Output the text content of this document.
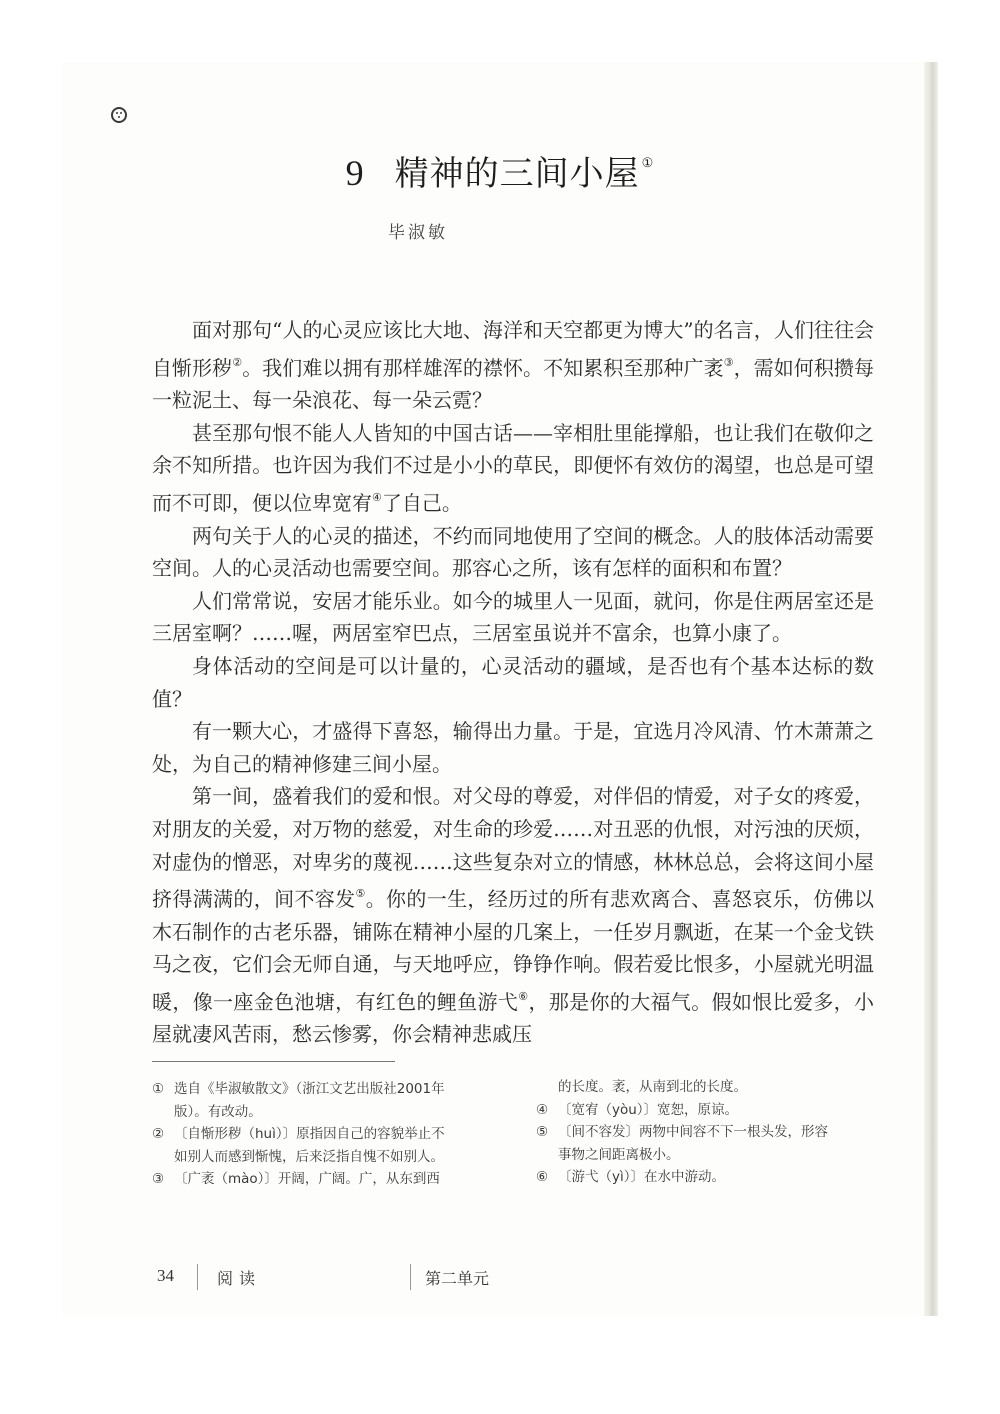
9 精神的三间小屋 ①
毕淑敏

面对那句“人的心灵应该比大地、海洋和天空都更为博大”的名言，人们往往会自惭形秽②。我们难以拥有那样雄浑的襟怀。不知累积至那种广袤③，需如何积攒每一粒泥土、每一朵浪花、每一朵云霓？

甚至那句恨不能人人皆知的中国古话——宰相肚里能撑船，也让我们在敬仰之余不知所措。也许因为我们不过是小小的草民，即便怀有效仿的渴望，也总是可望而不可即，便以位卑宽宥④了自己。

两句关于人的心灵的描述，不约而同地使用了空间的概念。人的肢体活动需要空间。人的心灵活动也需要空间。那容心之所，该有怎样的面积和布置？

人们常常说，安居才能乐业。如今的城里人一见面，就问，你是住两居室还是三居室啊？……喔，两居室窄巴点，三居室虽说并不富余，也算小康了。

身体活动的空间是可以计量的，心灵活动的疆域，是否也有个基本达标的数值？

有一颗大心，才盛得下喜怒，输得出力量。于是，宜选月冷风清、竹木萧萧之处，为自己的精神修建三间小屋。

第一间，盛着我们的爱和恨。对父母的尊爱，对伴侣的情爱，对子女的疼爱，对朋友的关爱，对万物的慈爱，对生命的珍爱……对丑恶的仇恨，对污浊的厌烦，对虚伪的憎恶，对卑劣的蔑视……这些复杂对立的情感，林林总总，会将这间小屋挤得满满的，间不容发⑤。你的一生，经历过的所有悲欢离合、喜怒哀乐，仿佛以木石制作的古老乐器，铺陈在精神小屋的几案上，一任岁月飘逝，在某一个金戈铁马之夜，它们会无师自通，与天地呼应，铮铮作响。假若爱比恨多，小屋就光明温暖，像一座金色池塘，有红色的鲤鱼游弋⑥，那是你的大福气。假如恨比爱多，小屋就凄风苦雨，愁云惨雾，你会精神悲戚压

① 选自《毕淑敏散文》（浙江文艺出版社2001年
版）。有改动。
② 〔自惭形秽（huì）〕原指因自己的容貌举止不
如别人而感到惭愧，后来泛指自愧不如别人。
③ 〔广袤（mào）〕开阔，广阔。广，从东到西
的长度。袤，从南到北的长度。
④ 〔宽宥（yòu）〕宽恕，原谅。
⑤ 〔间不容发〕两物中间容不下一根头发，形容
事物之间距离极小。
⑥ 〔游弋（yì）〕在水中游动。
34	阅读	第二单元
